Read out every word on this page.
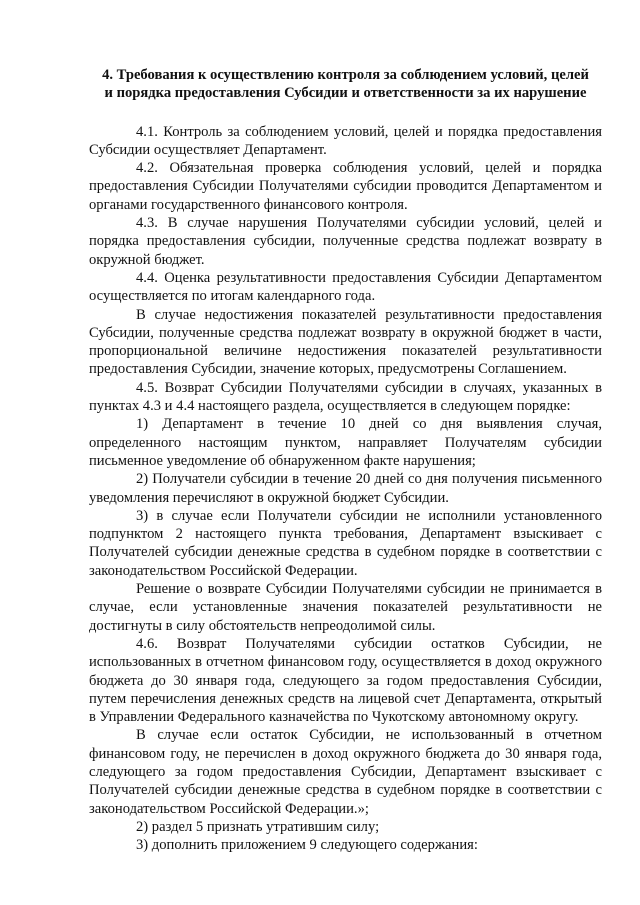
4. Требования к осуществлению контроля за соблюдением условий, целей
и порядка предоставления Субсидии и ответственности за их нарушение

4.1. Контроль за соблюдением условий, целей и порядка предоставления Субсидии осуществляет Департамент.

4.2. Обязательная проверка соблюдения условий, целей и порядка предоставления Субсидии Получателями субсидии проводится Департаментом и органами государственного финансового контроля.

4.3. В случае нарушения Получателями субсидии условий, целей и порядка предоставления субсидии, полученные средства подлежат возврату в окружной бюджет.

4.4. Оценка результативности предоставления Субсидии Департаментом осуществляется по итогам календарного года.

В случае недостижения показателей результативности предоставления Субсидии, полученные средства подлежат возврату в окружной бюджет в части, пропорциональной величине недостижения показателей результативности предоставления Субсидии, значение которых, предусмотрены Соглашением.

4.5. Возврат Субсидии Получателями субсидии в случаях, указанных в пунктах 4.3 и 4.4 настоящего раздела, осуществляется в следующем порядке:

1) Департамент в течение 10 дней со дня выявления случая, определенного настоящим пунктом, направляет Получателям субсидии письменное уведомление об обнаруженном факте нарушения;

2) Получатели субсидии в течение 20 дней со дня получения письменного уведомления перечисляют в окружной бюджет Субсидии.

3) в случае если Получатели субсидии не исполнили установленного подпунктом 2 настоящего пункта требования, Департамент взыскивает с Получателей субсидии денежные средства в судебном порядке в соответствии с законодательством Российской Федерации.

Решение о возврате Субсидии Получателями субсидии не принимается в случае, если установленные значения показателей результативности не достигнуты в силу обстоятельств непреодолимой силы.

4.6. Возврат Получателями субсидии остатков Субсидии, не использованных в отчетном финансовом году, осуществляется в доход окружного бюджета до 30 января года, следующего за годом предоставления Субсидии, путем перечисления денежных средств на лицевой счет Департамента, открытый в Управлении Федерального казначейства по Чукотскому автономному округу.

В случае если остаток Субсидии, не использованный в отчетном финансовом году, не перечислен в доход окружного бюджета до 30 января года, следующего за годом предоставления Субсидии, Департамент взыскивает с Получателей субсидии денежные средства в судебном порядке в соответствии с законодательством Российской Федерации.»;

2) раздел 5 признать утратившим силу;

3) дополнить приложением 9 следующего содержания:
